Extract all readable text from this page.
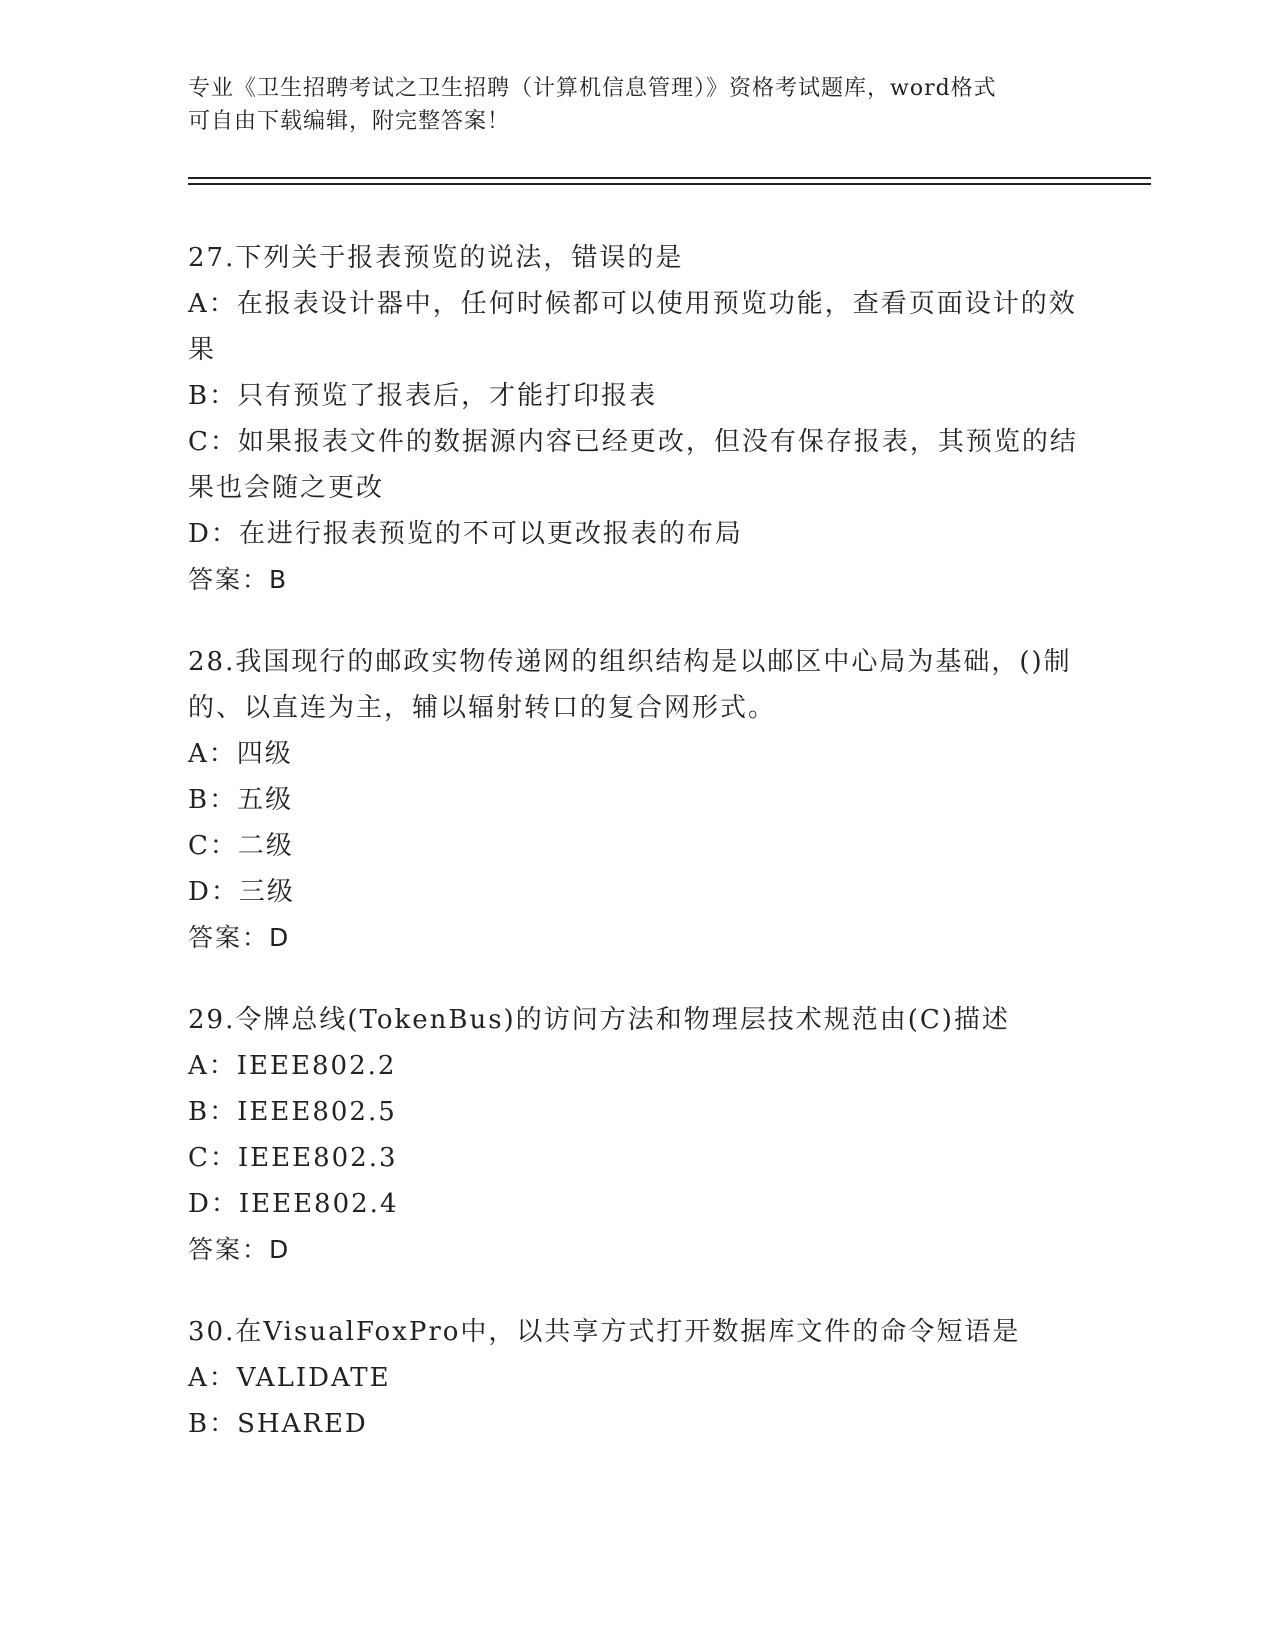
专业《卫生招聘考试之卫生招聘（计算机信息管理）》资格考试题库，word格式
可自由下载编辑，附完整答案！

27.下列关于报表预览的说法，错误的是

A：在报表设计器中，任何时候都可以使用预览功能，查看页面设计的效果

B：只有预览了报表后，才能打印报表

C：如果报表文件的数据源内容已经更改，但没有保存报表，其预览的结果也会随之更改

D：在进行报表预览的不可以更改报表的布局

答案：B

28.我国现行的邮政实物传递网的组织结构是以邮区中心局为基础，()制的、以直连为主，辅以辐射转口的复合网形式。

A：四级

B：五级

C：二级

D：三级

答案：D

29.令牌总线(TokenBus)的访问方法和物理层技术规范由(C)描述

A：IEEE802.2

B：IEEE802.5

C：IEEE802.3

D：IEEE802.4

答案：D

30.在VisualFoxPro中，以共享方式打开数据库文件的命令短语是

A：VALIDATE

B：SHARED
